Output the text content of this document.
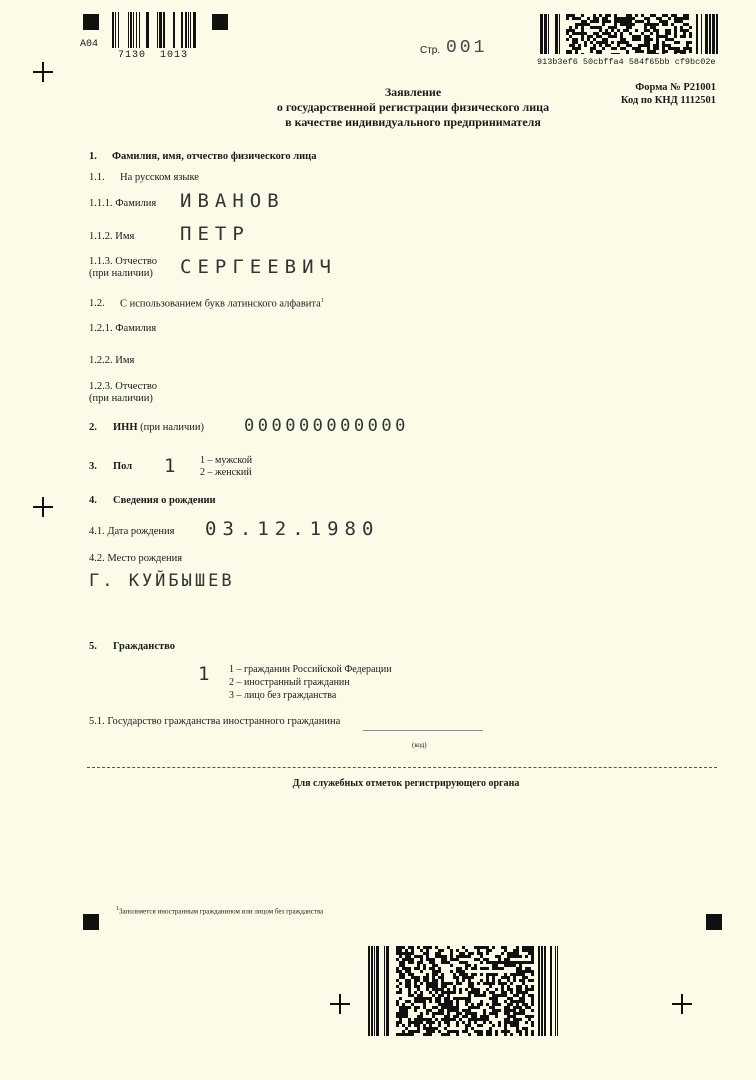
A04
7130  1013	Стр. 001
913b3ef6 50cbffa4 584f65bb cf9bc02e
Форма № Р21001
Код по КНД 1112501
Заявление
о государственной регистрации физического лица
в качестве индивидуального предпринимателя
1. Фамилия, имя, отчество физического лица
1.1. На русском языке
1.1.1. Фамилия ИВАНОВ
1.1.2. Имя ПЕТР
1.1.3. Отчество
(при наличии) СЕРГЕЕВИЧ
1.2. С использованием букв латинского алфавита$^1$
1.2.1. Фамилия
1.2.2. Имя
1.2.3. Отчество
(при наличии)
2. ИНН (при наличии) 000000000000
3. Пол 1 1 – мужской
2 – женский
4. Сведения о рождении
4.1. Дата рождения 03.12.1980
4.2. Место рождения
Г. КУЙБЫШЕВ
5. Гражданство
1 1 – гражданин Российской Федерации
2 – иностранный гражданин
3 – лицо без гражданства
5.1. Государство гражданства иностранного гражданина
(код)
Для служебных отметок регистрирующего органа
1Заполняется иностранным гражданином или лицом без гражданства
